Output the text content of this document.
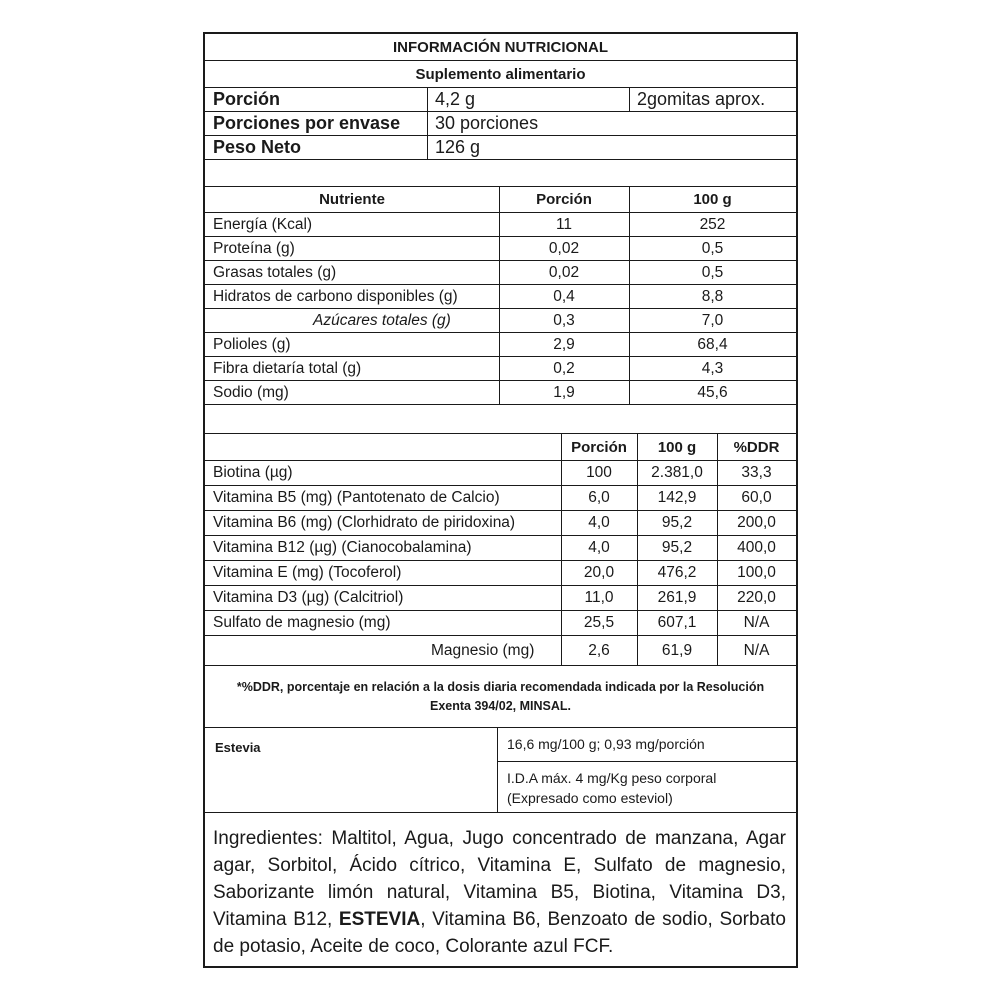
INFORMACIÓN NUTRICIONAL
Suplemento alimentario
Porción	4,2 g	2gomitas aprox.
Porciones por envase 30 porciones
Peso Neto	126 g
Nutriente	Porción	100 g
Energía (Kcal)	11	252
Proteína (g)	0,02	0,5
Grasas totales (g)	0,02	0,5
Hidratos de carbono disponibles (g)	0,4	8,8
Azúcares totales (g)	0,3	7,0
Polioles (g)	2,9	68,4
Fibra dietaría total (g)	0,2	4,3
Sodio (mg)	1,9	45,6
Porción	100 g	%DDR
Biotina (µg)	100	2.381,0	33,3
Vitamina B5 (mg) (Pantotenato de Calcio)	6,0	142,9	60,0
Vitamina B6 (mg) (Clorhidrato de piridoxina)	4,0	95,2	200,0
Vitamina B12 (µg) (Cianocobalamina)	4,0	95,2	400,0
Vitamina E (mg) (Tocoferol)	20,0	476,2	100,0
Vitamina D3 (µg) (Calcitriol)	11,0	261,9	220,0
Sulfato de magnesio (mg)	25,5	607,1	N/A
Magnesio (mg)	2,6	61,9	N/A
*%DDR, porcentaje en relación a la dosis diaria recomendada indicada por la Resolución
Exenta 394/02, MINSAL.
Estevia	16,6 mg/100 g; 0,93 mg/porción
I.D.A máx. 4 mg/Kg peso corporal
(Expresado como esteviol)
Ingredientes: Maltitol, Agua, Jugo concentrado de manzana, Agar agar, Sorbitol, Ácido cítrico, Vitamina E, Sulfato de magnesio, Saborizante limón natural, Vitamina B5, Biotina, Vitamina D3, Vitamina B12, ESTEVIA, Vitamina B6, Benzoato de sodio, Sorbato de potasio, Aceite de coco, Colorante azul FCF.
